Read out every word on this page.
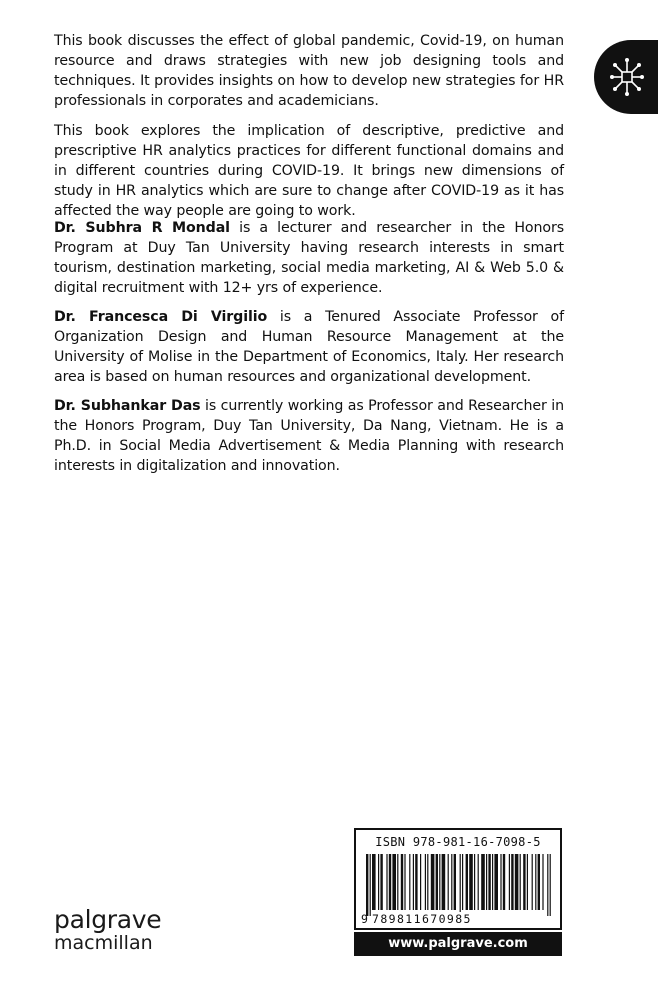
This book discusses the effect of global pandemic, Covid-19, on human resource and draws strategies with new job designing tools and techniques. It provides insights on how to develop new strategies for HR professionals in corporates and academicians.

This book explores the implication of descriptive, predictive and prescriptive HR analytics practices for different functional domains and in different countries during COVID-19. It brings new dimensions of study in HR analytics which are sure to change after COVID-19 as it has affected the way people are going to work.

Dr. Subhra R Mondal is a lecturer and researcher in the Honors Program at Duy Tan University having research interests in smart tourism, destination marketing, social media marketing, AI & Web 5.0 & digital recruitment with 12+ yrs of experience.

Dr. Francesca Di Virgilio is a Tenured Associate Professor of Organization Design and Human Resource Management at the University of Molise in the Department of Economics, Italy. Her research area is based on human resources and organizational development.

Dr. Subhankar Das is currently working as Professor and Researcher in the Honors Program, Duy Tan University, Da Nang, Vietnam. He is a Ph.D. in Social Media Advertisement & Media Planning with research interests in digitalization and innovation.

palgrave
macmillan
ISBN 978-981-16-7098-5
9 789811670985
www.palgrave.com
